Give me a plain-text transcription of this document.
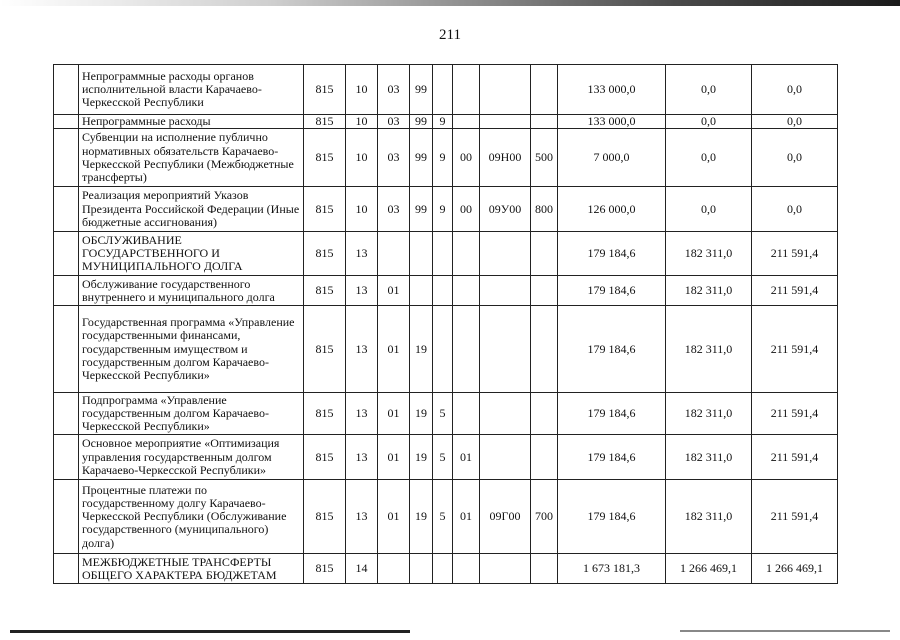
211
	Непрограммные расходы органов исполнительной власти Карачаево-Черкесской Республики	815	10	03	99					133 000,0	0,0	0,0
	Непрограммные расходы	815	10	03	99	9				133 000,0	0,0	0,0
	Субвенции на исполнение публично нормативных обязательств Карачаево-Черкесской Республики (Межбюджетные трансферты)	815	10	03	99	9	00	09Н00	500	7 000,0	0,0	0,0
	Реализация мероприятий Указов Президента Российской Федерации (Иные бюджетные ассигнования)	815	10	03	99	9	00	09У00	800	126 000,0	0,0	0,0
	ОБСЛУЖИВАНИЕ ГОСУДАРСТВЕННОГО И МУНИЦИПАЛЬНОГО ДОЛГА	815	13							179 184,6	182 311,0	211 591,4
	Обслуживание государственного внутреннего и муниципального долга	815	13	01						179 184,6	182 311,0	211 591,4
	Государственная программа «Управление государственными финансами, государственным имуществом и государственным долгом Карачаево-Черкесской Республики»	815	13	01	19					179 184,6	182 311,0	211 591,4
	Подпрограмма «Управление государственным долгом Карачаево-Черкесской Республики»	815	13	01	19	5				179 184,6	182 311,0	211 591,4
	Основное мероприятие «Оптимизация управления государственным долгом Карачаево-Черкесской Республики»	815	13	01	19	5	01			179 184,6	182 311,0	211 591,4
	Процентные платежи по государственному долгу Карачаево-Черкесской Республики (Обслуживание государственного (муниципального) долга)	815	13	01	19	5	01	09Г00	700	179 184,6	182 311,0	211 591,4
	МЕЖБЮДЖЕТНЫЕ ТРАНСФЕРТЫ ОБЩЕГО ХАРАКТЕРА БЮДЖЕТАМ	815	14							1 673 181,3	1 266 469,1	1 266 469,1
